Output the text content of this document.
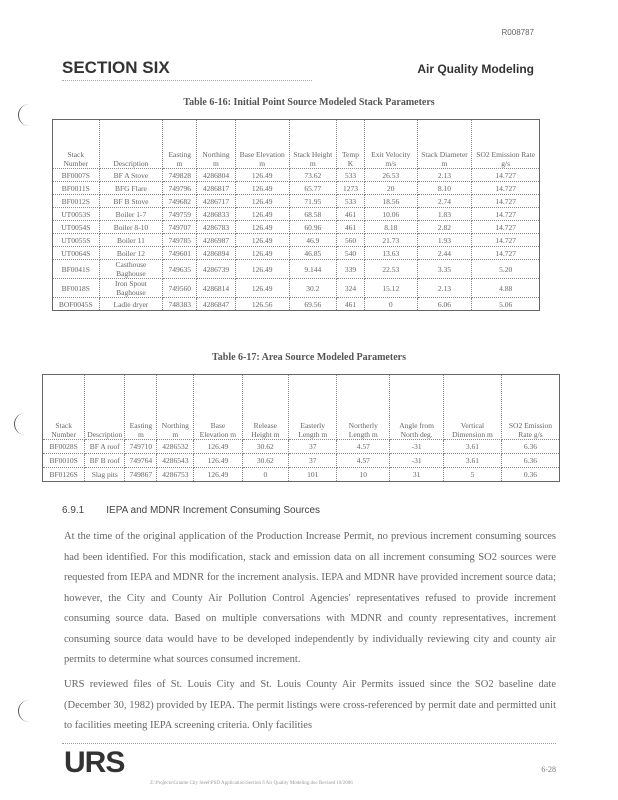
R008787
SECTION SIX	Air Quality Modeling
Table 6-16: Initial Point Source Modeled Stack Parameters
Stack Number	Description	Easting m	Northing m	Base Elevation m	Stack Height m	Temp K	Exit Velocity m/s	Stack Diameter m	SO2 Emission Rate g/s
BF0007S	BF A Stove	749828	4286804	126.49	73.62	533	26.53	2.13	14.727
BF0011S	BFG Flare	749796	4286817	126.49	65.77	1273	20	8.10	14.727
BF0012S	BF B Stove	749682	4286717	126.49	71.95	533	18.56	2.74	14.727
UT0053S	Boiler 1-7	749759	4286833	126.49	68.58	461	10.06	1.83	14.727
UT0054S	Boiler 8-10	749707	4286783	126.49	60.96	461	8.18	2.82	14.727
UT0055S	Boiler 11	749785	4286987	126.49	46.9	560	21.73	1.93	14.727
UT0064S	Boiler 12	749601	4286894	126.49	46.85	540	13.63	2.44	14.727
BF0041S	Casthouse Baghouse	749635	4286739	126.49	9.144	339	22.53	3.35	5.20
BF0018S	Iron Spout Baghouse	749560	4286814	126.49	30.2	324	15.12	2.13	4.88
BOF0045S	Ladle dryer	748383	4286847	126.56	69.56	461	0	6.06	5.06
Table 6-17: Area Source Modeled Parameters
Stack Number	Description	Easting m	Northing m	Base Elevation m	Release Height m	Easterly Length m	Northerly Length m	Angle from North deg.	Vertical Dimension m	SO2 Emission Rate g/s
BF0028S	BF A roof	749710	4286532	126.49	30.62	37	4.57	-31	3.61	6.36
BF0010S	BF B roof	749764	4286543	126.49	30.62	37	4.57	-31	3.61	6.36
BF0126S	Slag pits	749867	4286753	126.49	0	101	10	31	5	0.36
6.9.1 IEPA and MDNR Increment Consuming Sources
At the time of the original application of the Production Increase Permit, no previous increment consuming sources had been identified. For this modification, stack and emission data on all increment consuming SO2 sources were requested from IEPA and MDNR for the increment analysis. IEPA and MDNR have provided increment source data; however, the City and County Air Pollution Control Agencies' representatives refused to provide increment consuming source data. Based on multiple conversations with MDNR and county representatives, increment consuming source data would have to be developed independently by individually reviewing city and county air permits to determine what sources consumed increment.
URS reviewed files of St. Louis City and St. Louis County Air Permits issued since the SO2 baseline date (December 30, 1982) provided by IEPA. The permit listings were cross-referenced by permit date and permitted unit to facilities meeting IEPA screening criteria. Only facilities
URS	6-28
Z:\Projects\Granite City Steel\PSD Application\Section 6 Air Quality Modeling.doc Revised 10/2006
